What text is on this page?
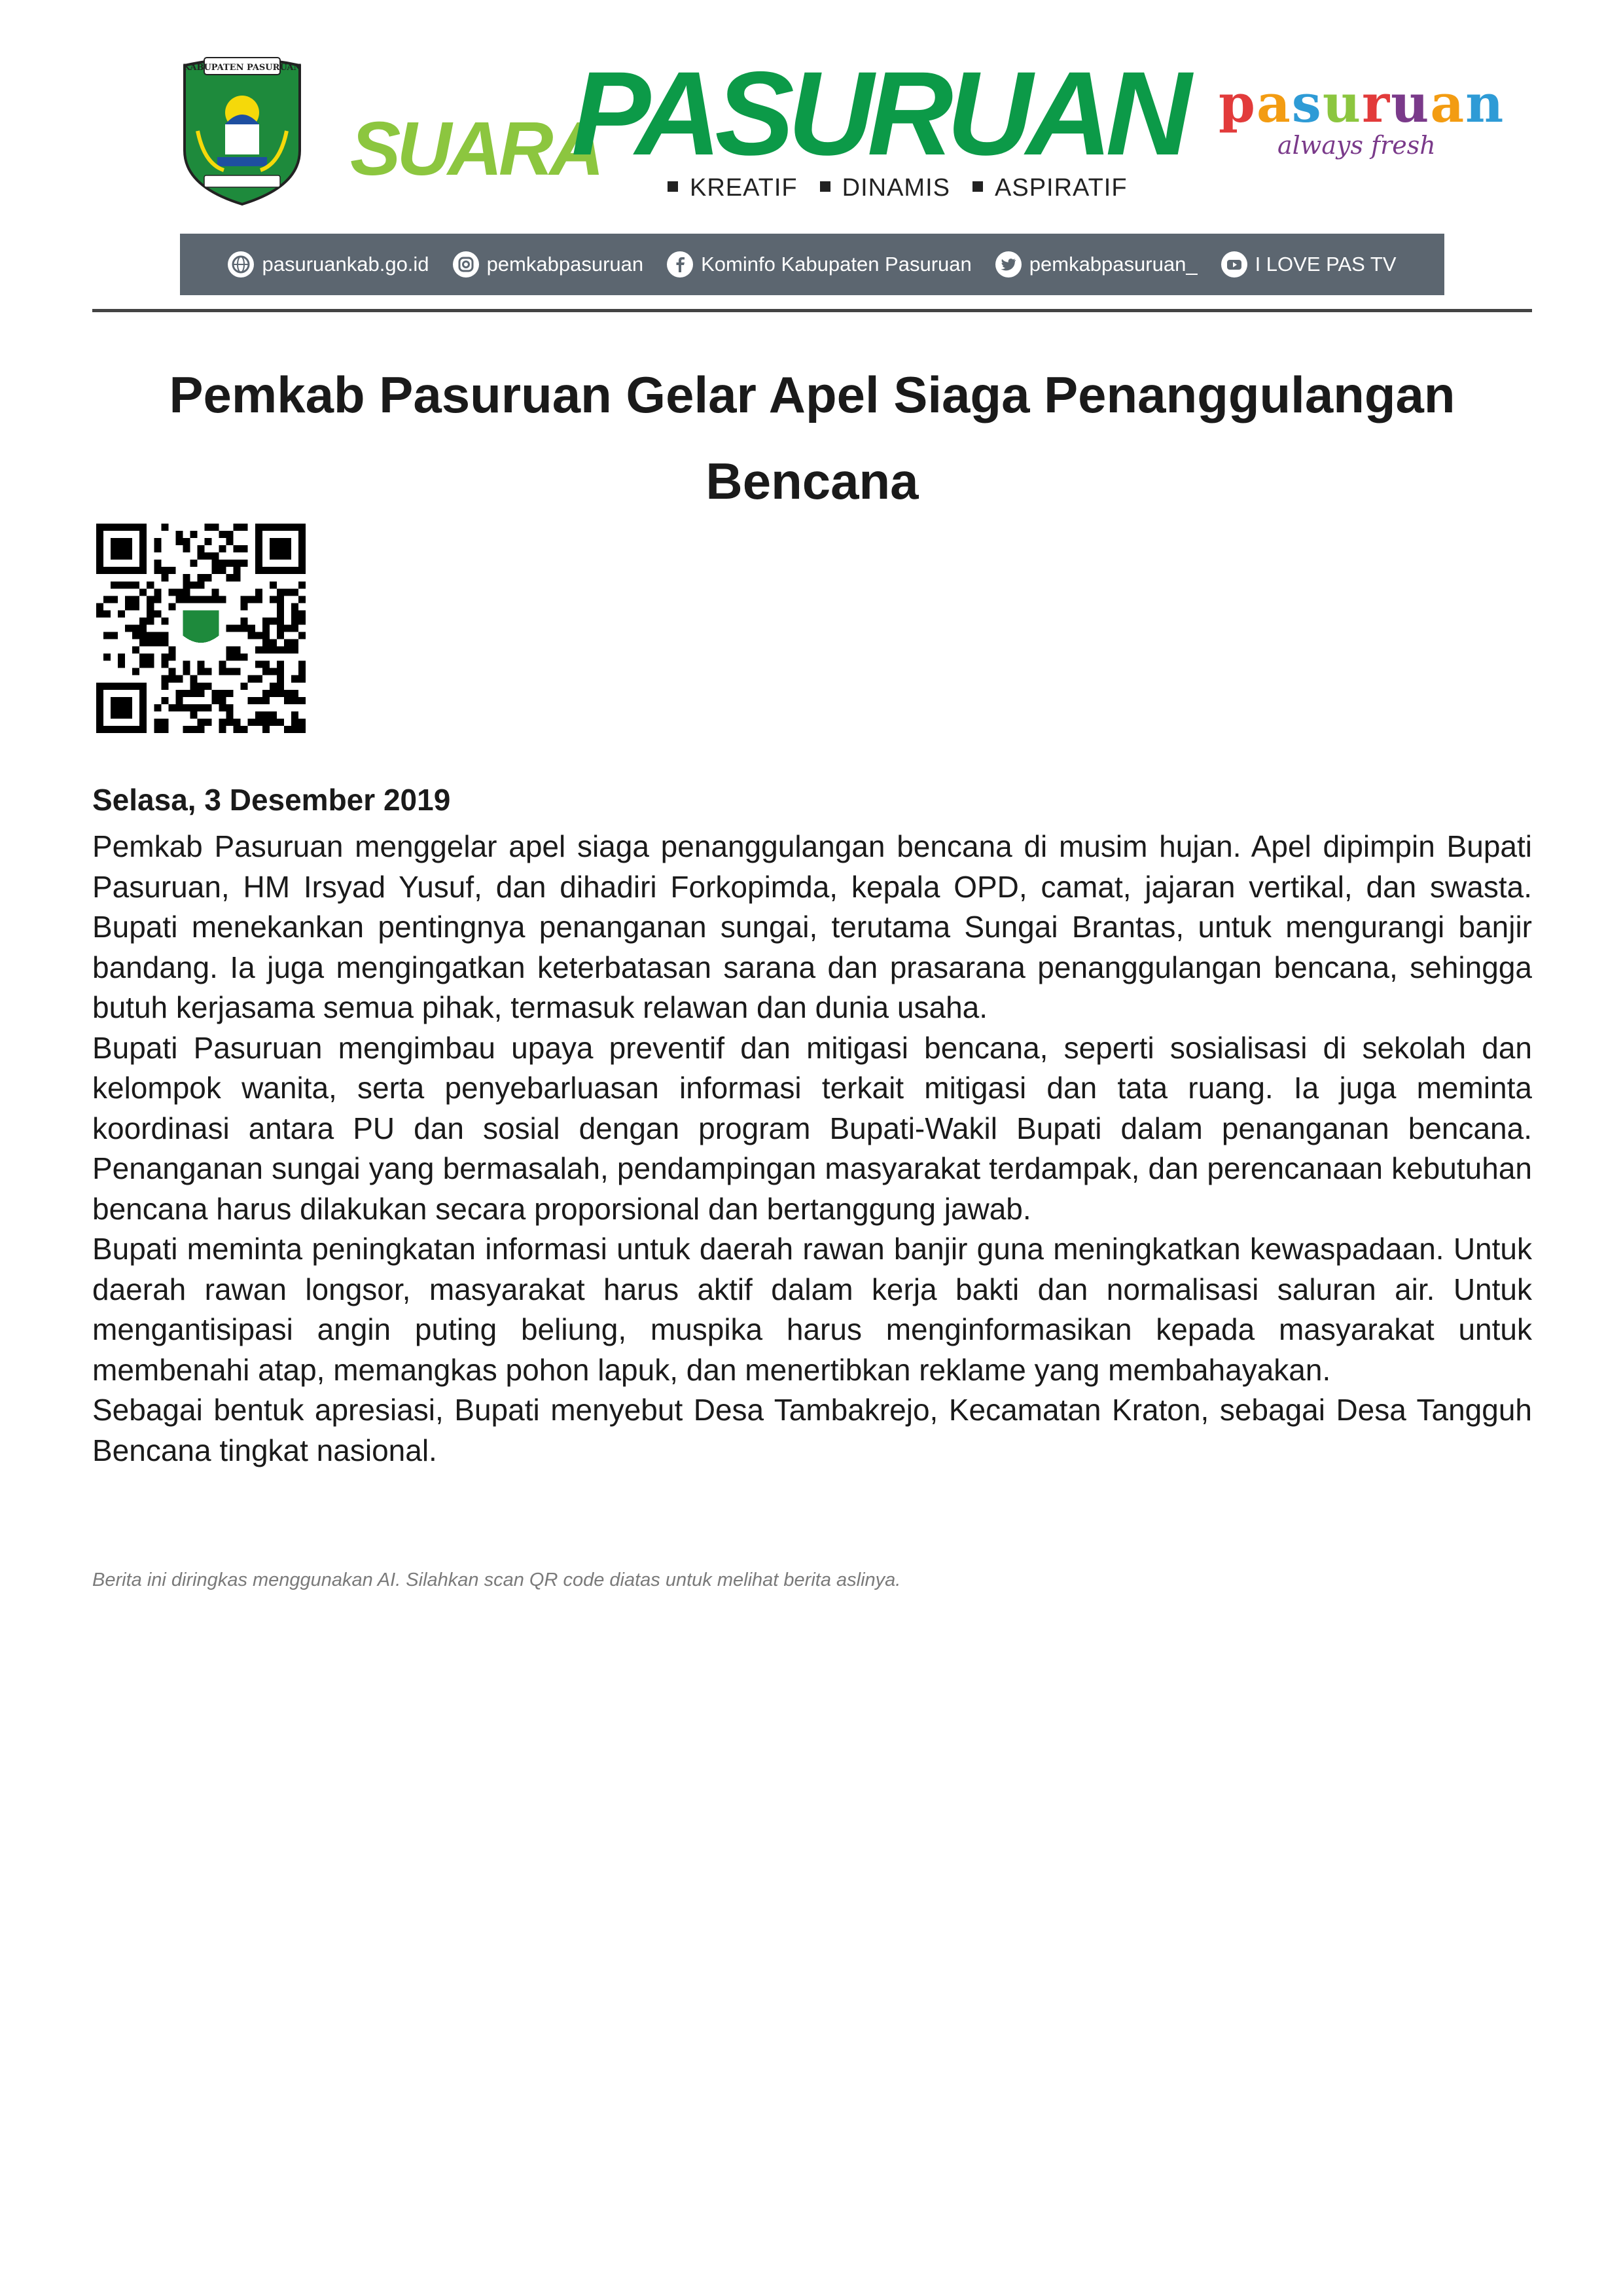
KABUPATEN PASURUAN
SUARA
PASURUAN
KREATIF	DINAMIS	ASPIRATIF
pasuruan
always fresh
pasuruankab.go.id	pemkabpasuruan	Kominfo Kabupaten Pasuruan	pemkabpasuruan_	I LOVE PAS TV
Pemkab Pasuruan Gelar Apel Siaga Penanggulangan Bencana
Selasa, 3 Desember 2019

Pemkab Pasuruan menggelar apel siaga penanggulangan bencana di musim hujan. Apel dipimpin Bupati Pasuruan, HM Irsyad Yusuf, dan dihadiri Forkopimda, kepala OPD, camat, jajaran vertikal, dan swasta. Bupati menekankan pentingnya penanganan sungai, terutama Sungai Brantas, untuk mengurangi banjir bandang. Ia juga mengingatkan keterbatasan sarana dan prasarana penanggulangan bencana, sehingga butuh kerjasama semua pihak, termasuk relawan dan dunia usaha.

Bupati Pasuruan mengimbau upaya preventif dan mitigasi bencana, seperti sosialisasi di sekolah dan kelompok wanita, serta penyebarluasan informasi terkait mitigasi dan tata ruang. Ia juga meminta koordinasi antara PU dan sosial dengan program Bupati-Wakil Bupati dalam penanganan bencana. Penanganan sungai yang bermasalah, pendampingan masyarakat terdampak, dan perencanaan kebutuhan bencana harus dilakukan secara proporsional dan bertanggung jawab.

Bupati meminta peningkatan informasi untuk daerah rawan banjir guna meningkatkan kewaspadaan. Untuk daerah rawan longsor, masyarakat harus aktif dalam kerja bakti dan normalisasi saluran air. Untuk mengantisipasi angin puting beliung, muspika harus menginformasikan kepada masyarakat untuk membenahi atap, memangkas pohon lapuk, dan menertibkan reklame yang membahayakan.

Sebagai bentuk apresiasi, Bupati menyebut Desa Tambakrejo, Kecamatan Kraton, sebagai Desa Tangguh Bencana tingkat nasional.

Berita ini diringkas menggunakan AI. Silahkan scan QR code diatas untuk melihat berita aslinya.
